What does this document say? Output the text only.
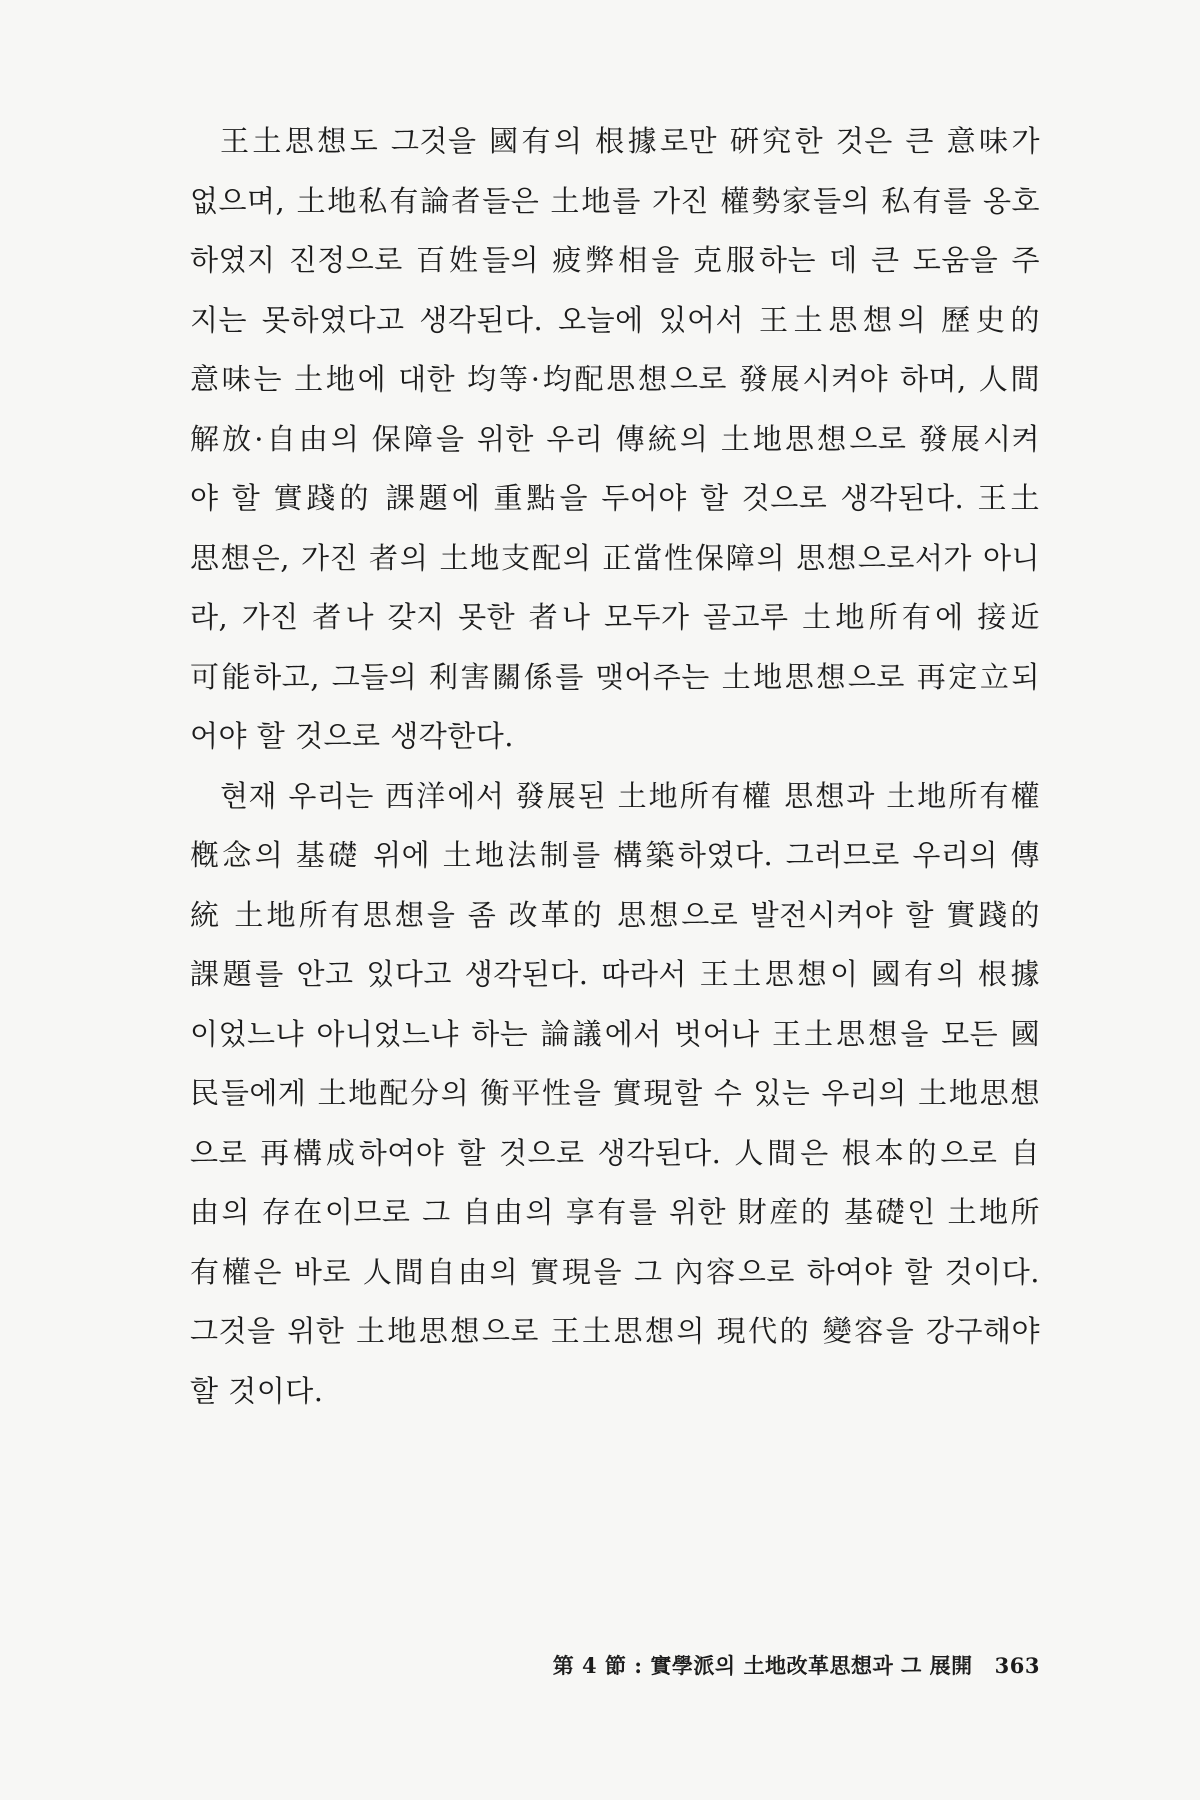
王土思想도 그것을 國有의 根據로만 硏究한 것은 큰 意味가
없으며, 土地私有論者들은 土地를 가진 權勢家들의 私有를 옹호
하였지 진정으로 百姓들의 疲弊相을 克服하는 데 큰 도움을 주
지는 못하였다고 생각된다. 오늘에 있어서 王土思想의 歷史的
意味는 土地에 대한 均等·均配思想으로 發展시켜야 하며, 人間
解放·自由의 保障을 위한 우리 傳統의 土地思想으로 發展시켜
야 할 實踐的 課題에 重點을 두어야 할 것으로 생각된다. 王土
思想은, 가진 者의 土地支配의 正當性保障의 思想으로서가 아니
라, 가진 者나 갖지 못한 者나 모두가 골고루 土地所有에 接近
可能하고, 그들의 利害關係를 맺어주는 土地思想으로 再定立되
어야 할 것으로 생각한다.
현재 우리는 西洋에서 發展된 土地所有權 思想과 土地所有權
槪念의 基礎 위에 土地法制를 構築하였다. 그러므로 우리의 傳
統 土地所有思想을 좀 改革的 思想으로 발전시켜야 할 實踐的
課題를 안고 있다고 생각된다. 따라서 王土思想이 國有의 根據
이었느냐 아니었느냐 하는 論議에서 벗어나 王土思想을 모든 國
民들에게 土地配分의 衡平性을 實現할 수 있는 우리의 土地思想
으로 再構成하여야 할 것으로 생각된다. 人間은 根本的으로 自
由의 存在이므로 그 自由의 享有를 위한 財産的 基礎인 土地所
有權은 바로 人間自由의 實現을 그 內容으로 하여야 할 것이다.
그것을 위한 土地思想으로 王土思想의 現代的 變容을 강구해야
할 것이다.
第 4 節 : 實學派의 土地改革思想과 그 展開 363
